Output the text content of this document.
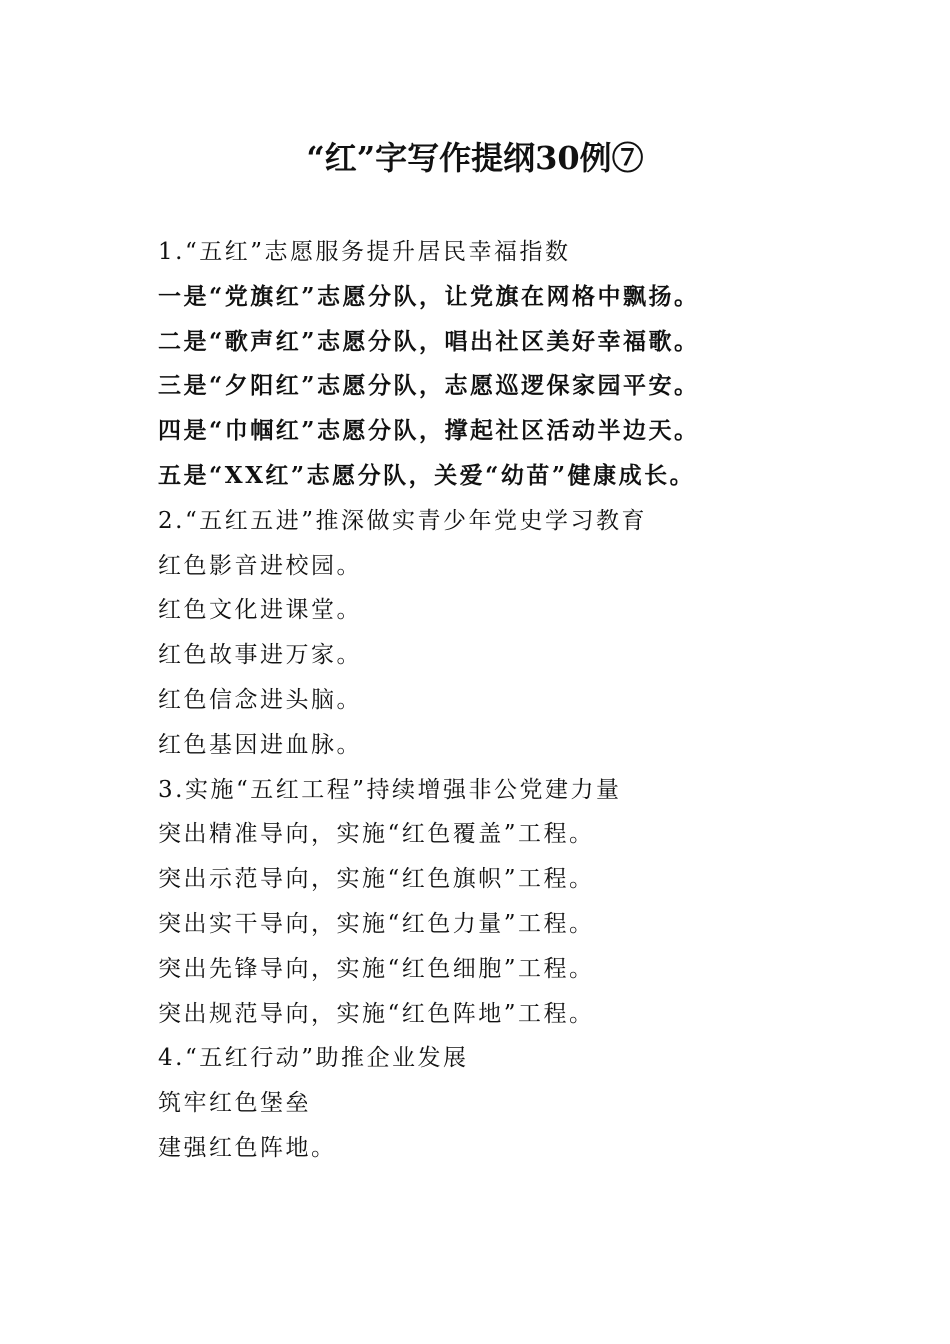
“红”字写作提纲30例⑦
1.“五红”志愿服务提升居民幸福指数
一是“党旗红”志愿分队，让党旗在网格中飘扬。
二是“歌声红”志愿分队，唱出社区美好幸福歌。
三是“夕阳红”志愿分队，志愿巡逻保家园平安。
四是“巾帼红”志愿分队，撑起社区活动半边天。
五是“XX红”志愿分队，关爱“幼苗”健康成长。
2.“五红五进”推深做实青少年党史学习教育
红色影音进校园。
红色文化进课堂。
红色故事进万家。
红色信念进头脑。
红色基因进血脉。
3.实施“五红工程”持续增强非公党建力量
突出精准导向，实施“红色覆盖”工程。
突出示范导向，实施“红色旗帜”工程。
突出实干导向，实施“红色力量”工程。
突出先锋导向，实施“红色细胞”工程。
突出规范导向，实施“红色阵地”工程。
4.“五红行动”助推企业发展
筑牢红色堡垒
建强红色阵地。
